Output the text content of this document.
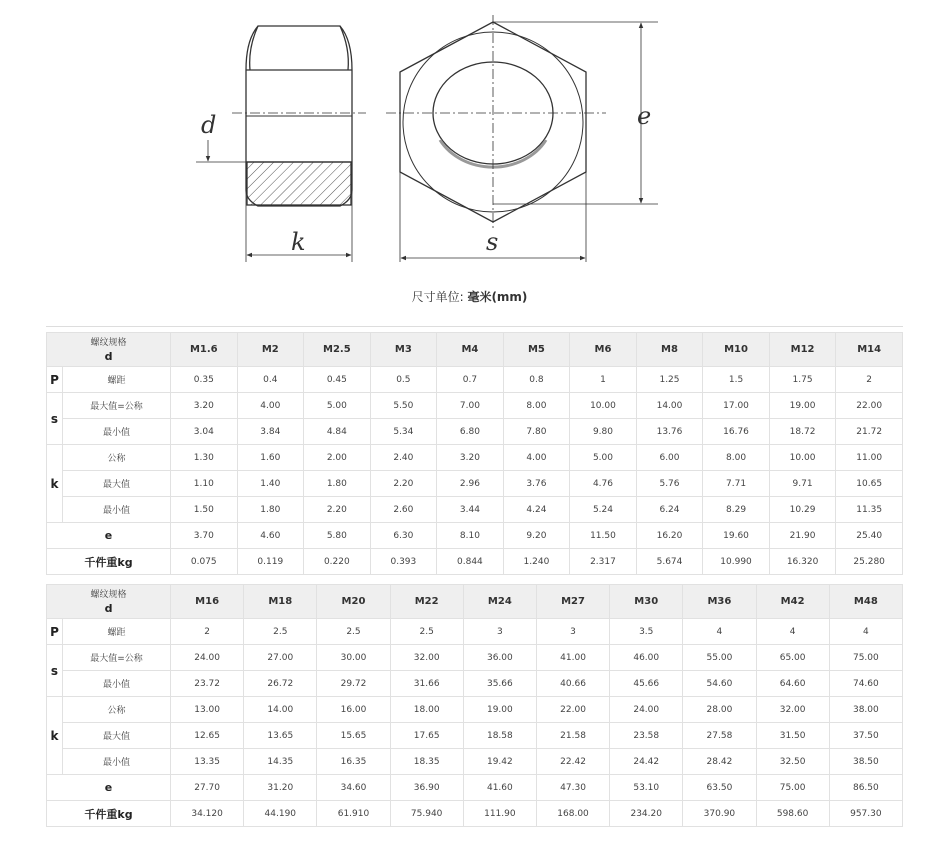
d
k	s
e
尺寸单位: 毫米(mm)
螺纹规格
d		M1.6	M2	M2.5	M3	M4	M5	M6	M8	M10	M12	M14
P	螺距	0.35	0.4	0.45	0.5	0.7	0.8	1	1.25	1.5	1.75	2
s	最大值=公称	3.20	4.00	5.00	5.50	7.00	8.00	10.00	14.00	17.00	19.00	22.00
	最小值	3.04	3.84	4.84	5.34	6.80	7.80	9.80	13.76	16.76	18.72	21.72
k	公称	1.30	1.60	2.00	2.40	3.20	4.00	5.00	6.00	8.00	10.00	11.00
	最大值	1.10	1.40	1.80	2.20	2.96	3.76	4.76	5.76	7.71	9.71	10.65
	最小值	1.50	1.80	2.20	2.60	3.44	4.24	5.24	6.24	8.29	10.29	11.35
e		3.70	4.60	5.80	6.30	8.10	9.20	11.50	16.20	19.60	21.90	25.40
千件重kg		0.075	0.119	0.220	0.393	0.844	1.240	2.317	5.674	10.990	16.320	25.280
螺纹规格
d		M16	M18	M20	M22	M24	M27	M30	M36	M42	M48
P	螺距	2	2.5	2.5	2.5	3	3	3.5	4	4	4
s	最大值=公称	24.00	27.00	30.00	32.00	36.00	41.00	46.00	55.00	65.00	75.00
	最小值	23.72	26.72	29.72	31.66	35.66	40.66	45.66	54.60	64.60	74.60
k	公称	13.00	14.00	16.00	18.00	19.00	22.00	24.00	28.00	32.00	38.00
	最大值	12.65	13.65	15.65	17.65	18.58	21.58	23.58	27.58	31.50	37.50
	最小值	13.35	14.35	16.35	18.35	19.42	22.42	24.42	28.42	32.50	38.50
e		27.70	31.20	34.60	36.90	41.60	47.30	53.10	63.50	75.00	86.50
千件重kg		34.120	44.190	61.910	75.940	111.90	168.00	234.20	370.90	598.60	957.30
